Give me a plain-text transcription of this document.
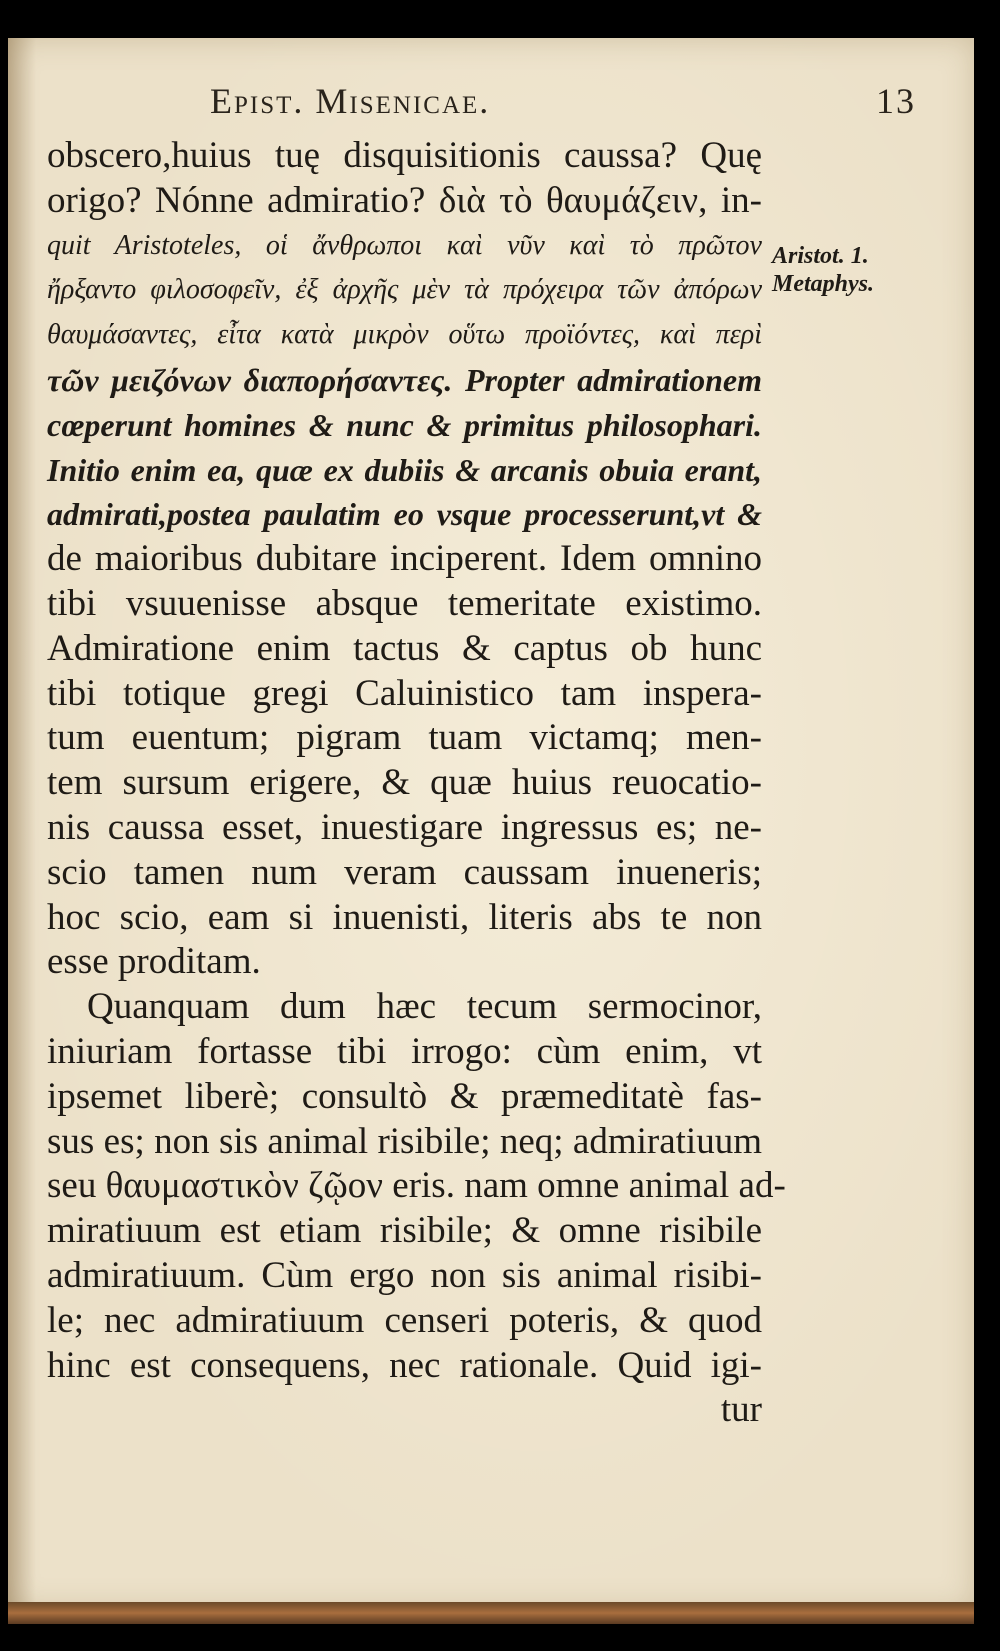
Epist. Misenicae.	13
Aristot. 1.
Metaphys.
obscero,huius tuę disquisitionis caussa? Quę
origo? Nónne admiratio? διὰ τὸ θαυμάζειν, in-
quit Aristoteles, οἱ ἄνθρωποι καὶ νῦν καὶ τὸ πρῶτον
ἤρξαντο φιλοσοφεῖν, ἐξ ἀρχῆς μὲν τὰ πρόχειρα τῶν ἀπόρων
θαυμάσαντες, εἶτα κατὰ μικρὸν οὕτω προϊόντες, καὶ περὶ
τῶν μειζόνων διαπορήσαντες. Propter admirationem
cœperunt homines & nunc & primitus philosophari.
Initio enim ea, quæ ex dubiis & arcanis obuia erant,
admirati,postea paulatim eo vsque processerunt,vt &
de maioribus dubitare inciperent. Idem omnino
tibi vsuuenisse absque temeritate existimo.
Admiratione enim tactus & captus ob hunc
tibi totique gregi Caluinistico tam insperа-
tum euentum; pigram tuam victamq; men-
tem sursum erigere, & quæ huius reuocatio-
nis caussa esset, inuestigare ingressus es; ne-
scio tamen num veram caussam inueneris;
hoc scio, eam si inuenisti, literis abs te non
esse proditam.
Quanquam dum hæc tecum sermocinor,
iniuriam fortasse tibi irrogo: cùm enim, vt
ipsemet liberè; consultò & præmeditatè fas-
sus es; non sis animal risibile; neq; admiratiuum
seu θαυμαστικὸν ζῷον eris. nam omne animal ad-
miratiuum est etiam risibile; & omne risibile
admiratiuum. Cùm ergo non sis animal risibi-
le; nec admiratiuum censeri poteris, & quod
hinc est consequens, nec rationale. Quid igi-
tur
